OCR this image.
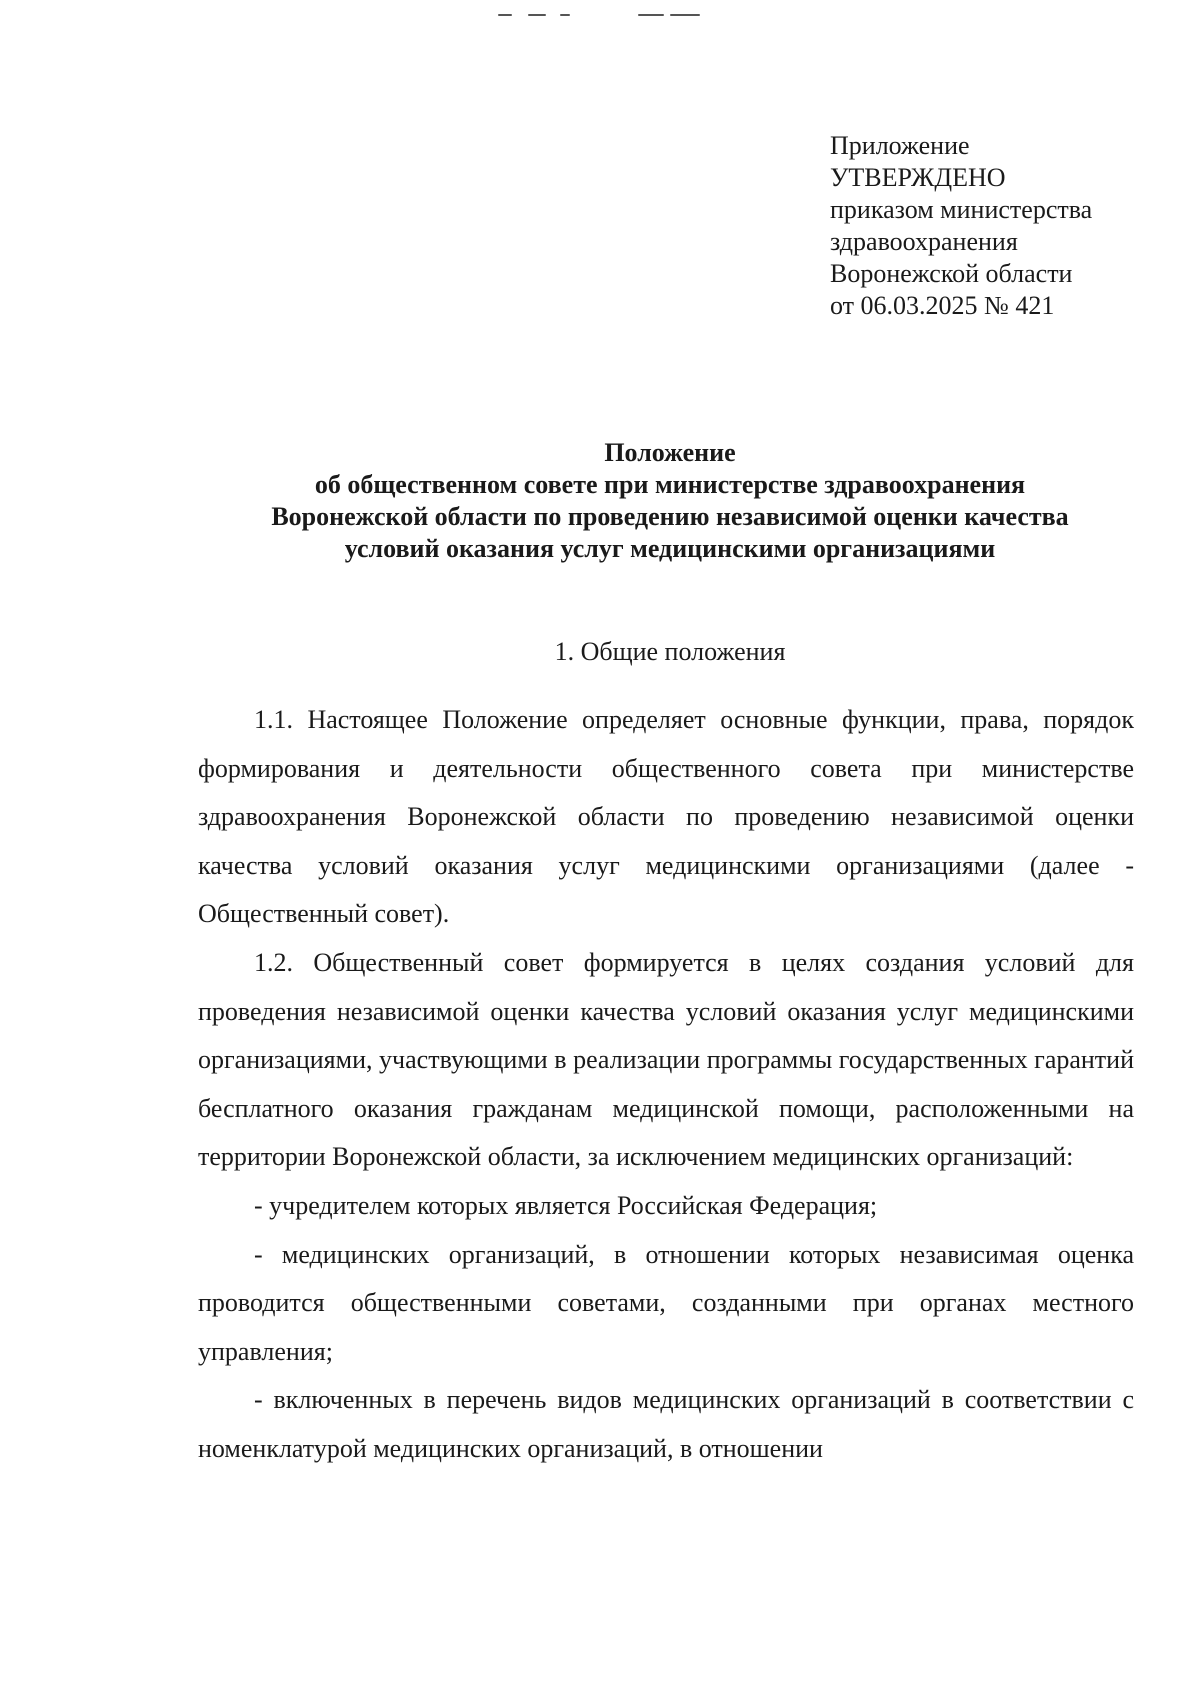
Приложение

УТВЕРЖДЕНО

приказом министерства

здравоохранения

Воронежской области

от 06.03.2025 № 421

Положение

об общественном совете при министерстве здравоохранения

Воронежской области по проведению независимой оценки качества

условий оказания услуг медицинскими организациями

1. Общие положения

1.1. Настоящее Положение определяет основные функции, права, порядок формирования и деятельности общественного совета при министерстве здравоохранения Воронежской области по проведению независимой оценки качества условий оказания услуг медицинскими организациями (далее - Общественный совет).

1.2. Общественный совет формируется в целях создания условий для проведения независимой оценки качества условий оказания услуг медицинскими организациями, участвующими в реализации программы государственных гарантий бесплатного оказания гражданам медицинской помощи, расположенными на территории Воронежской области, за исключением медицинских организаций:

- учредителем которых является Российская Федерация;

- медицинских организаций, в отношении которых независимая оценка проводится общественными советами, созданными при органах местного управления;

- включенных в перечень видов медицинских организаций в соответствии с номенклатурой медицинских организаций, в отношении
